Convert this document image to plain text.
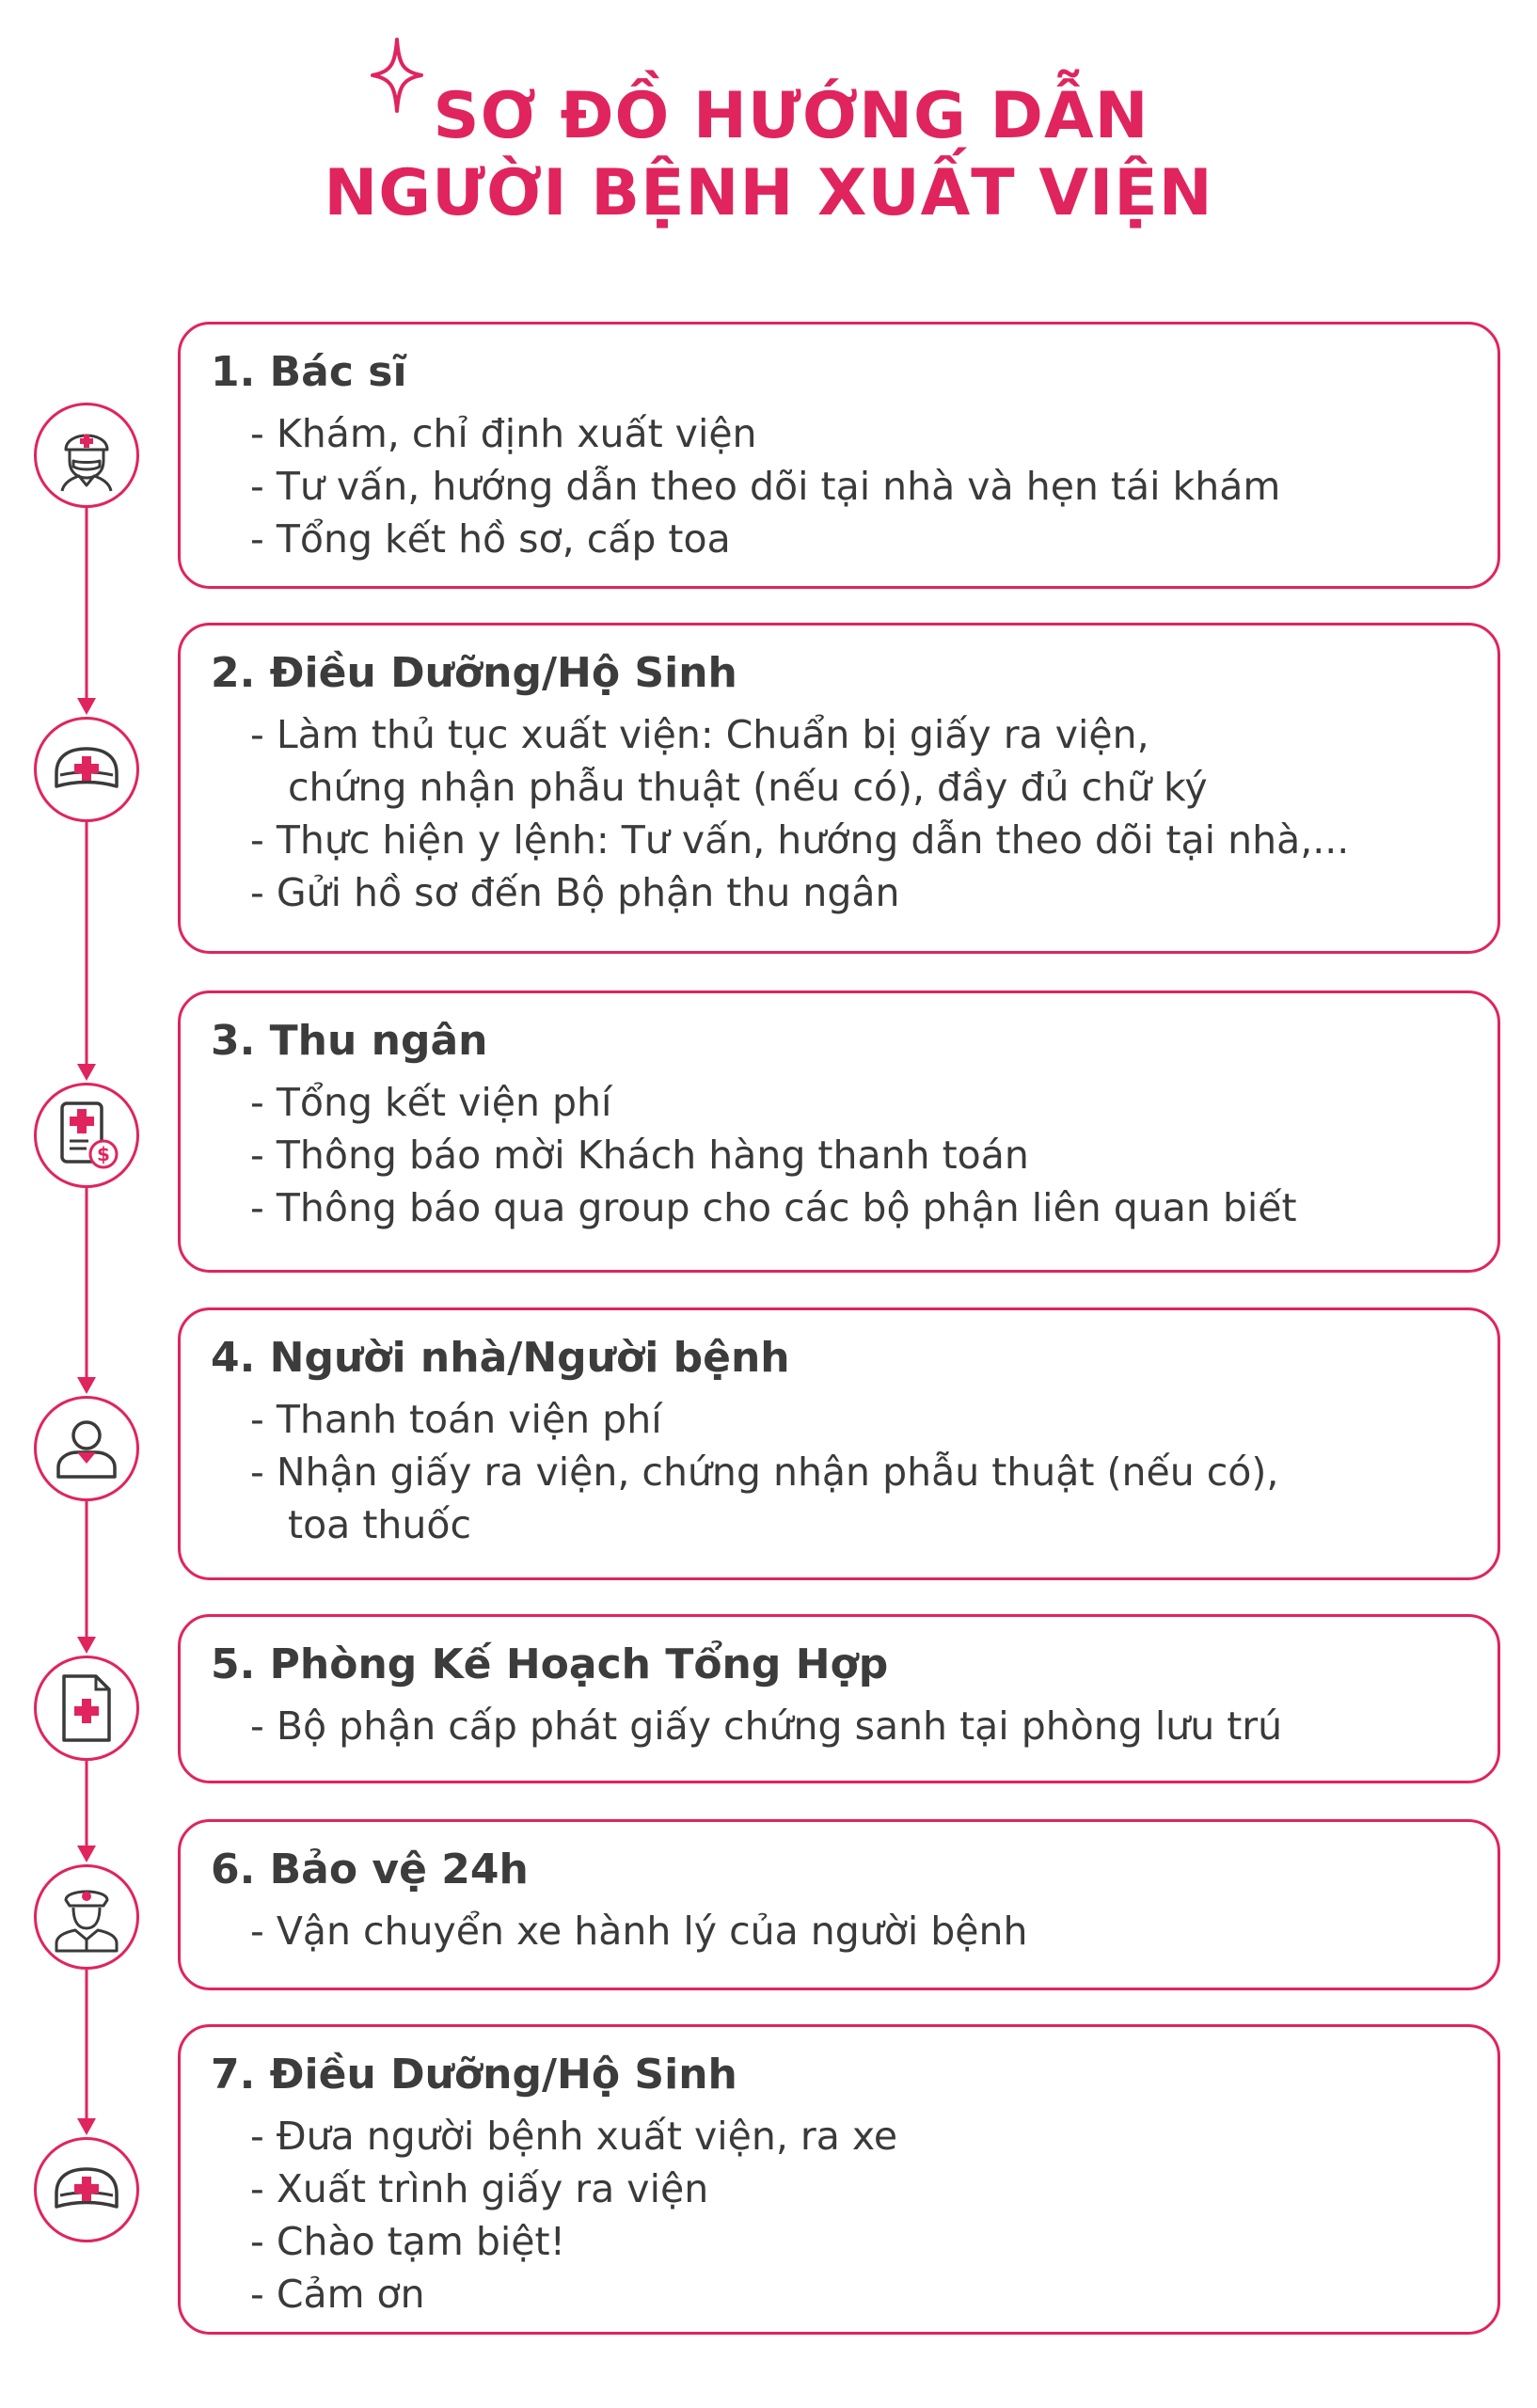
SƠ ĐỒ HƯỚNG DẪN
NGƯỜI BỆNH XUẤT VIỆN
1. Bác sĩ
- Khám, chỉ định xuất viện
- Tư vấn, hướng dẫn theo dõi tại nhà và hẹn tái khám
- Tổng kết hồ sơ, cấp toa
2. Điều Dưỡng/Hộ Sinh
- Làm thủ tục xuất viện: Chuẩn bị giấy ra viện,
chứng nhận phẫu thuật (nếu có), đầy đủ chữ ký
- Thực hiện y lệnh: Tư vấn, hướng dẫn theo dõi tại nhà,...
- Gửi hồ sơ đến Bộ phận thu ngân
$
3. Thu ngân
- Tổng kết viện phí
- Thông báo mời Khách hàng thanh toán
- Thông báo qua group cho các bộ phận liên quan biết
4. Người nhà/Người bệnh
- Thanh toán viện phí
- Nhận giấy ra viện, chứng nhận phẫu thuật (nếu có),
toa thuốc
5. Phòng Kế Hoạch Tổng Hợp
- Bộ phận cấp phát giấy chứng sanh tại phòng lưu trú
6. Bảo vệ 24h
- Vận chuyển xe hành lý của người bệnh
7. Điều Dưỡng/Hộ Sinh
- Đưa người bệnh xuất viện, ra xe
- Xuất trình giấy ra viện
- Chào tạm biệt!
- Cảm ơn
